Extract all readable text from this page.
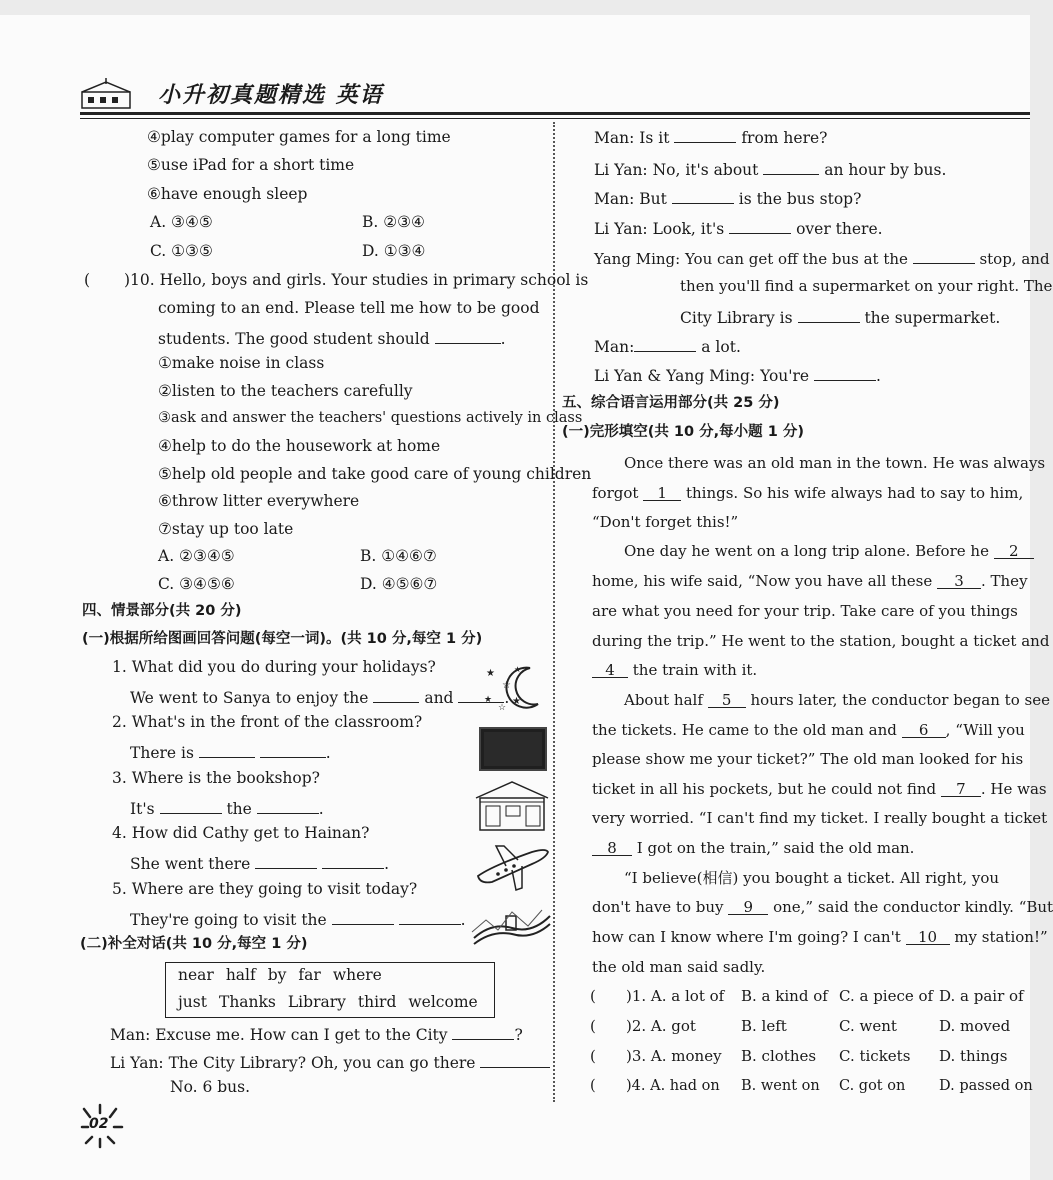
小升初真题精选 英语
④play computer games for a long time
⑤use iPad for a short time
⑥have enough sleep
A. ③④⑤	B. ②③④
C. ①③⑤	D. ①③④
( )10. Hello, boys and girls. Your studies in primary school is
coming to an end. Please tell me how to be good
students. The good student should	.
①make noise in class
②listen to the teachers carefully
③ask and answer the teachers' questions actively in class
④help to do the housework at home
⑤help old people and take good care of young children
⑥throw litter everywhere
⑦stay up too late
A. ②③④⑤	B. ①④⑥⑦
C. ③④⑤⑥	D. ④⑤⑥⑦
四、情景部分(共 20 分)
(一)根据所给图画回答问题(每空一词)。(共 10 分,每空 1 分)
1. What did you do during your holidays?
We went to Sanya to enjoy the	and	.
2. What's in the front of the classroom?
There is	.
3. Where is the bookshop?
It's	the	.
4. How did Cathy get to Hainan?
She went there	.
5. Where are they going to visit today?
They're going to visit the	.
★
☆
★
☆
★
★
(二)补全对话(共 10 分,每空 1 分)
near half by far where
just Thanks Library third welcome
Man: Excuse me. How can I get to the City	?
Li Yan: The City Library? Oh, you can go there
No. 6 bus.
02
Man: Is it	from here?
Li Yan: No, it's about	an hour by bus.
Man: But	is the bus stop?
Li Yan: Look, it's	over there.
Yang Ming: You can get off the bus at the	stop, and
then you'll find a supermarket on your right. The
City Library is	the supermarket.
Man:	a lot.
Li Yan & Yang Ming: You're	.
五、综合语言运用部分(共 25 分)
(一)完形填空(共 10 分,每小题 1 分)
Once there was an old man in the town. He was always
forgot 1 things. So his wife always had to say to him,
“Don't forget this!”
One day he went on a long trip alone. Before he 2
home, his wife said, “Now you have all these 3 . They
are what you need for your trip. Take care of you things
during the trip.” He went to the station, bought a ticket and
4 the train with it.
About half 5 hours later, the conductor began to see
the tickets. He came to the old man and 6 , “Will you
please show me your ticket?” The old man looked for his
ticket in all his pockets, but he could not find 7 . He was
very worried. “I can't find my ticket. I really bought a ticket
8 I got on the train,” said the old man.
“I believe(相信) you bought a ticket. All right, you
don't have to buy 9 one,” said the conductor kindly. “But
how can I know where I'm going? I can't 10 my station!”
the old man said sadly.
( )1. A. a lot of B. a kind of C. a piece of D. a pair of
( )2. A. got	B. left	C. went	D. moved
( )3. A. money B. clothes C. tickets D. things
( )4. A. had on B. went on C. got on D. passed on
